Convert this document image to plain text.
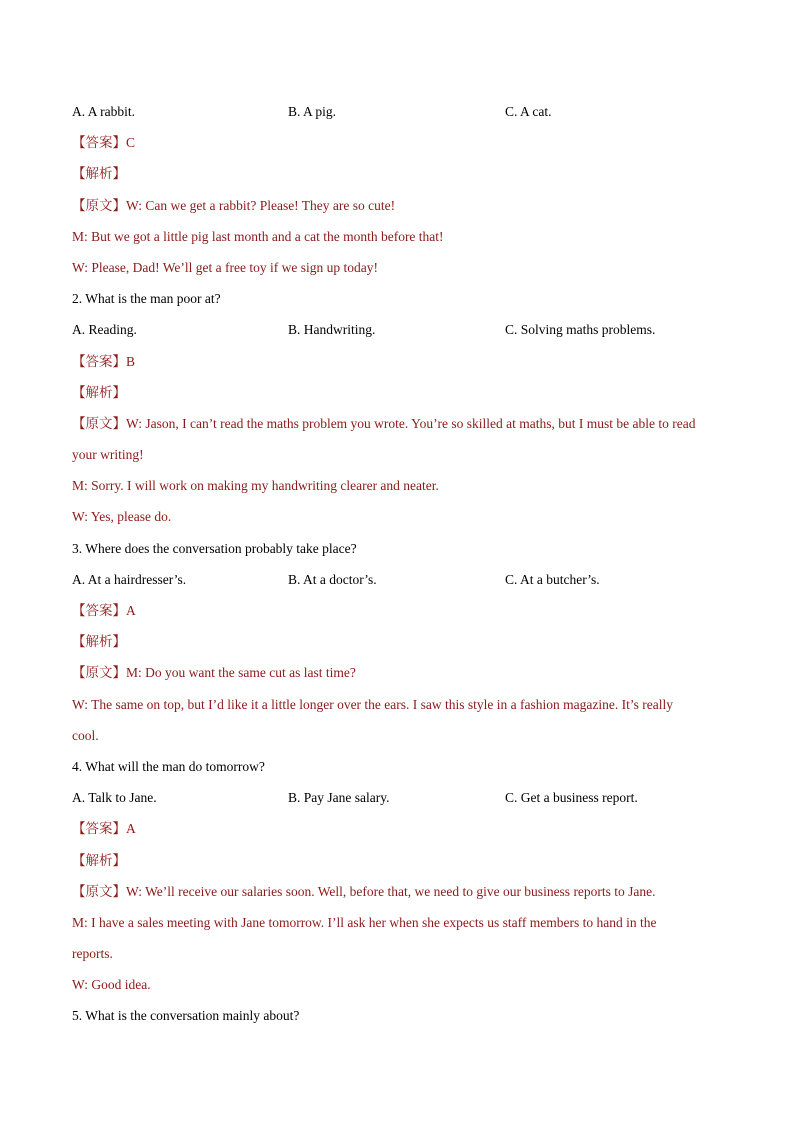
A. A rabbit.	B. A pig.	C. A cat.
【答案】C
【解析】
【原文】W: Can we get a rabbit? Please! They are so cute!
M: But we got a little pig last month and a cat the month before that!
W: Please, Dad! We’ll get a free toy if we sign up today!
2. What is the man poor at?
A. Reading.	B. Handwriting.	C. Solving maths problems.
【答案】B
【解析】
【原文】W: Jason, I can’t read the maths problem you wrote. You’re so skilled at maths, but I must be able to read
your writing!
M: Sorry. I will work on making my handwriting clearer and neater.
W: Yes, please do.
3. Where does the conversation probably take place?
A. At a hairdresser’s.	B. At a doctor’s.	C. At a butcher’s.
【答案】A
【解析】
【原文】M: Do you want the same cut as last time?
W: The same on top, but I’d like it a little longer over the ears. I saw this style in a fashion magazine. It’s really
cool.
4. What will the man do tomorrow?
A. Talk to Jane.	B. Pay Jane salary.	C. Get a business report.
【答案】A
【解析】
【原文】W: We’ll receive our salaries soon. Well, before that, we need to give our business reports to Jane.
M: I have a sales meeting with Jane tomorrow. I’ll ask her when she expects us staff members to hand in the
reports.
W: Good idea.
5. What is the conversation mainly about?
